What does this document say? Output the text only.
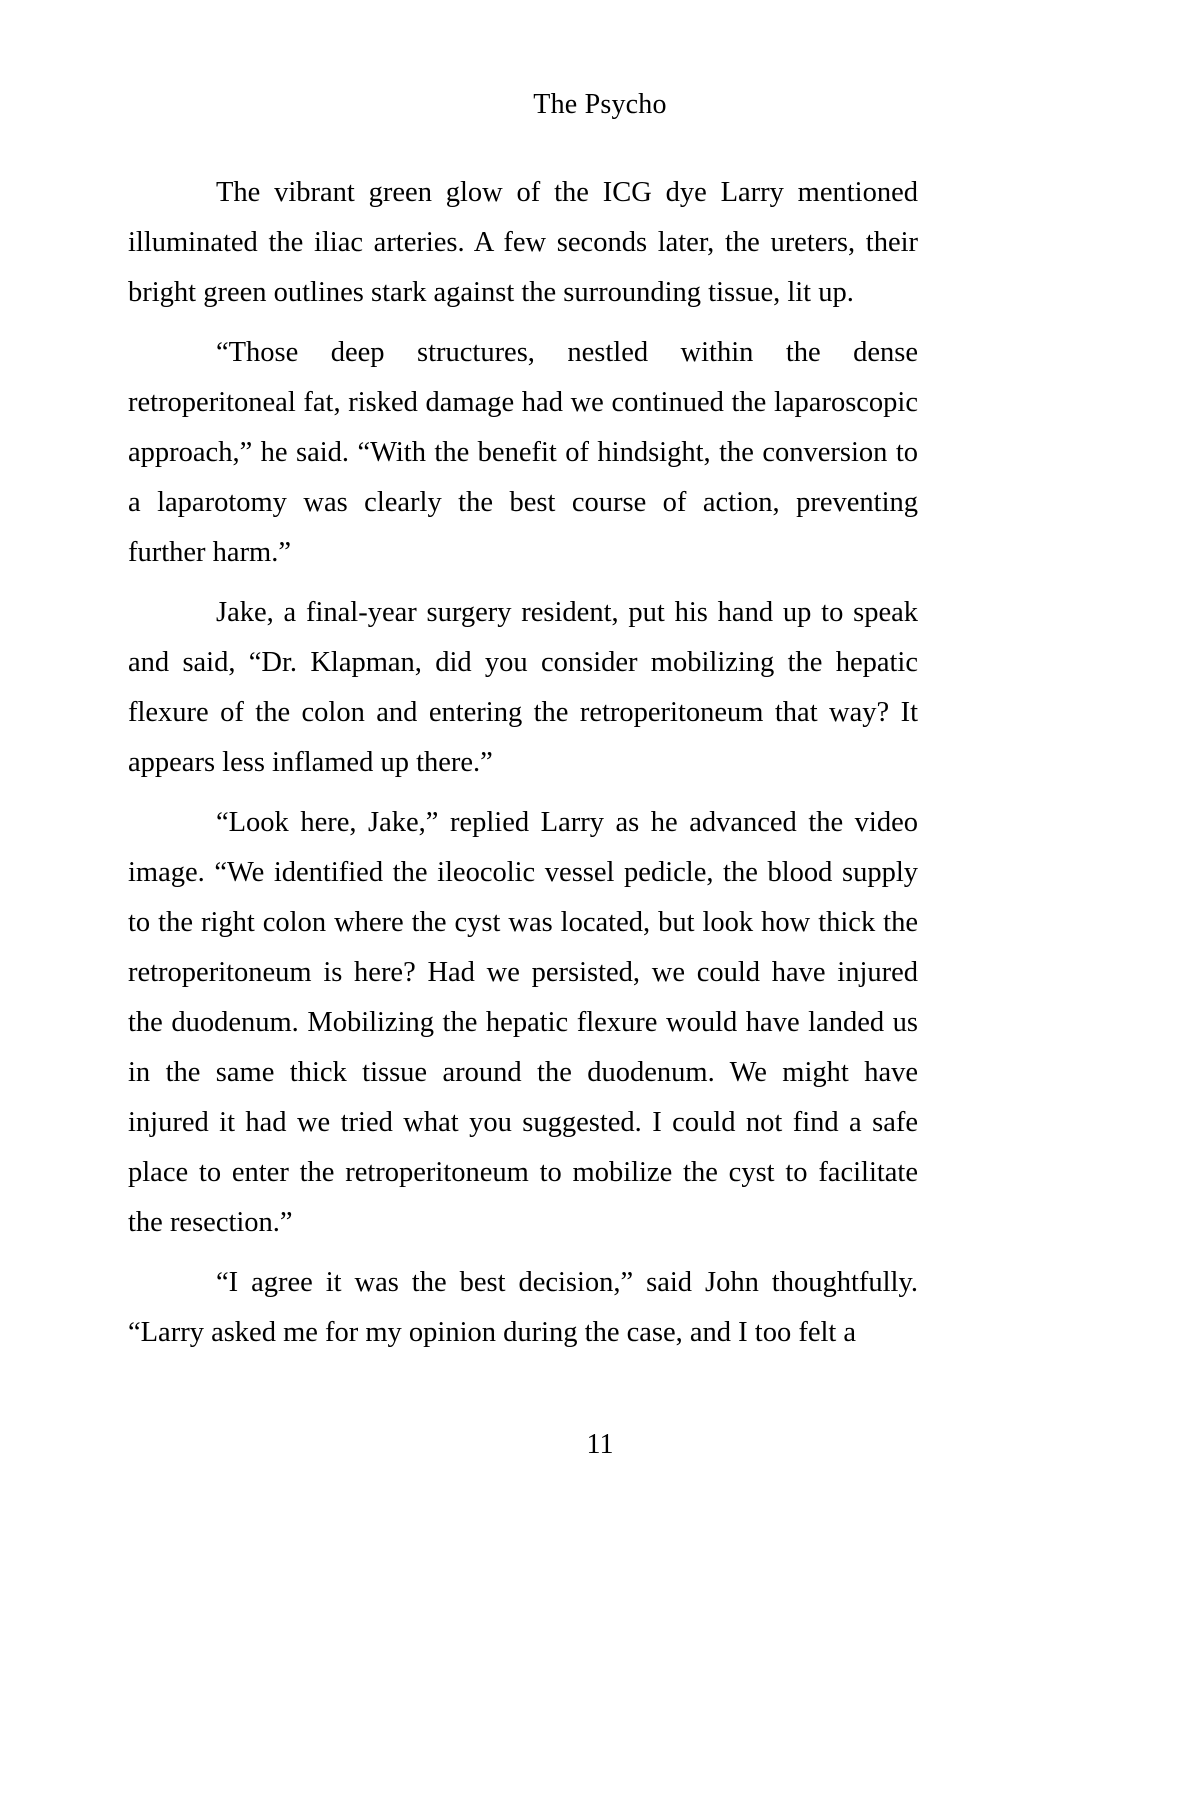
The Psycho

The vibrant green glow of the ICG dye Larry mentioned illuminated the iliac arteries. A few seconds later, the ureters, their bright green outlines stark against the surrounding tissue, lit up.

“Those deep structures, nestled within the dense retroperitoneal fat, risked damage had we continued the laparoscopic approach,” he said. “With the benefit of hindsight, the conversion to a laparotomy was clearly the best course of action, preventing further harm.”

Jake, a final-year surgery resident, put his hand up to speak and said, “Dr. Klapman, did you consider mobilizing the hepatic flexure of the colon and entering the retroperitoneum that way? It appears less inflamed up there.”

“Look here, Jake,” replied Larry as he advanced the video image. “We identified the ileocolic vessel pedicle, the blood supply to the right colon where the cyst was located, but look how thick the retroperitoneum is here? Had we persisted, we could have injured the duodenum. Mobilizing the hepatic flexure would have landed us in the same thick tissue around the duodenum. We might have injured it had we tried what you suggested. I could not find a safe place to enter the retroperitoneum to mobilize the cyst to facilitate the resection.”

“I agree it was the best decision,” said John thoughtfully. “Larry asked me for my opinion during the case, and I too felt a

11
